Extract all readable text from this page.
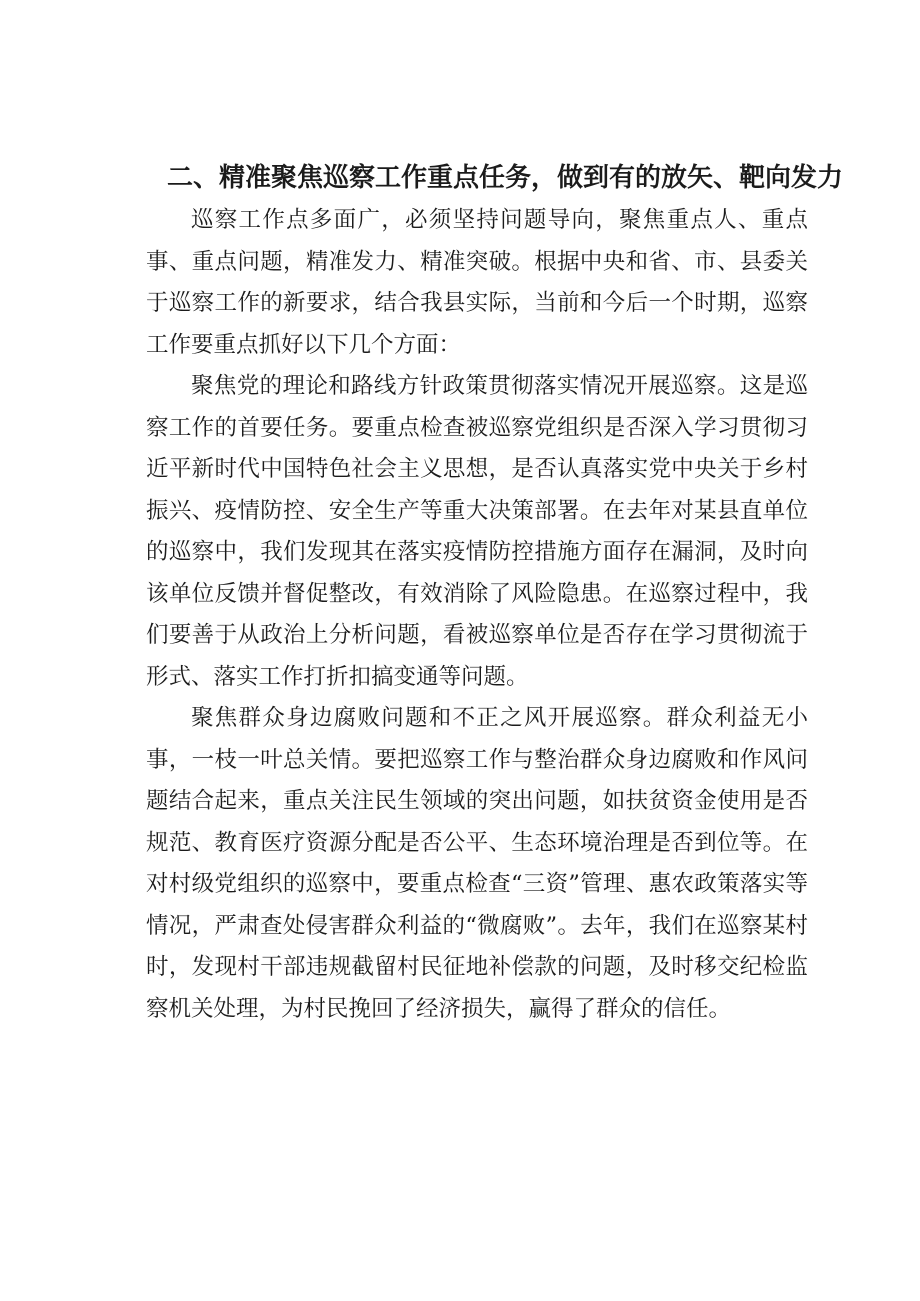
二、精准聚焦巡察工作重点任务，做到有的放矢、靶向发力

巡察工作点多面广，必须坚持问题导向，聚焦重点人、重点事、重点问题，精准发力、精准突破。根据中央和省、市、县委关于巡察工作的新要求，结合我县实际，当前和今后一个时期，巡察工作要重点抓好以下几个方面：

聚焦党的理论和路线方针政策贯彻落实情况开展巡察。这是巡察工作的首要任务。要重点检查被巡察党组织是否深入学习贯彻习近平新时代中国特色社会主义思想，是否认真落实党中央关于乡村振兴、疫情防控、安全生产等重大决策部署。在去年对某县直单位的巡察中，我们发现其在落实疫情防控措施方面存在漏洞，及时向该单位反馈并督促整改，有效消除了风险隐患。在巡察过程中，我们要善于从政治上分析问题，看被巡察单位是否存在学习贯彻流于形式、落实工作打折扣搞变通等问题。

聚焦群众身边腐败问题和不正之风开展巡察。群众利益无小事，一枝一叶总关情。要把巡察工作与整治群众身边腐败和作风问题结合起来，重点关注民生领域的突出问题，如扶贫资金使用是否规范、教育医疗资源分配是否公平、生态环境治理是否到位等。在对村级党组织的巡察中，要重点检查“三资”管理、惠农政策落实等情况，严肃查处侵害群众利益的“微腐败”。去年，我们在巡察某村时，发现村干部违规截留村民征地补偿款的问题，及时移交纪检监察机关处理，为村民挽回了经济损失，赢得了群众的信任。
